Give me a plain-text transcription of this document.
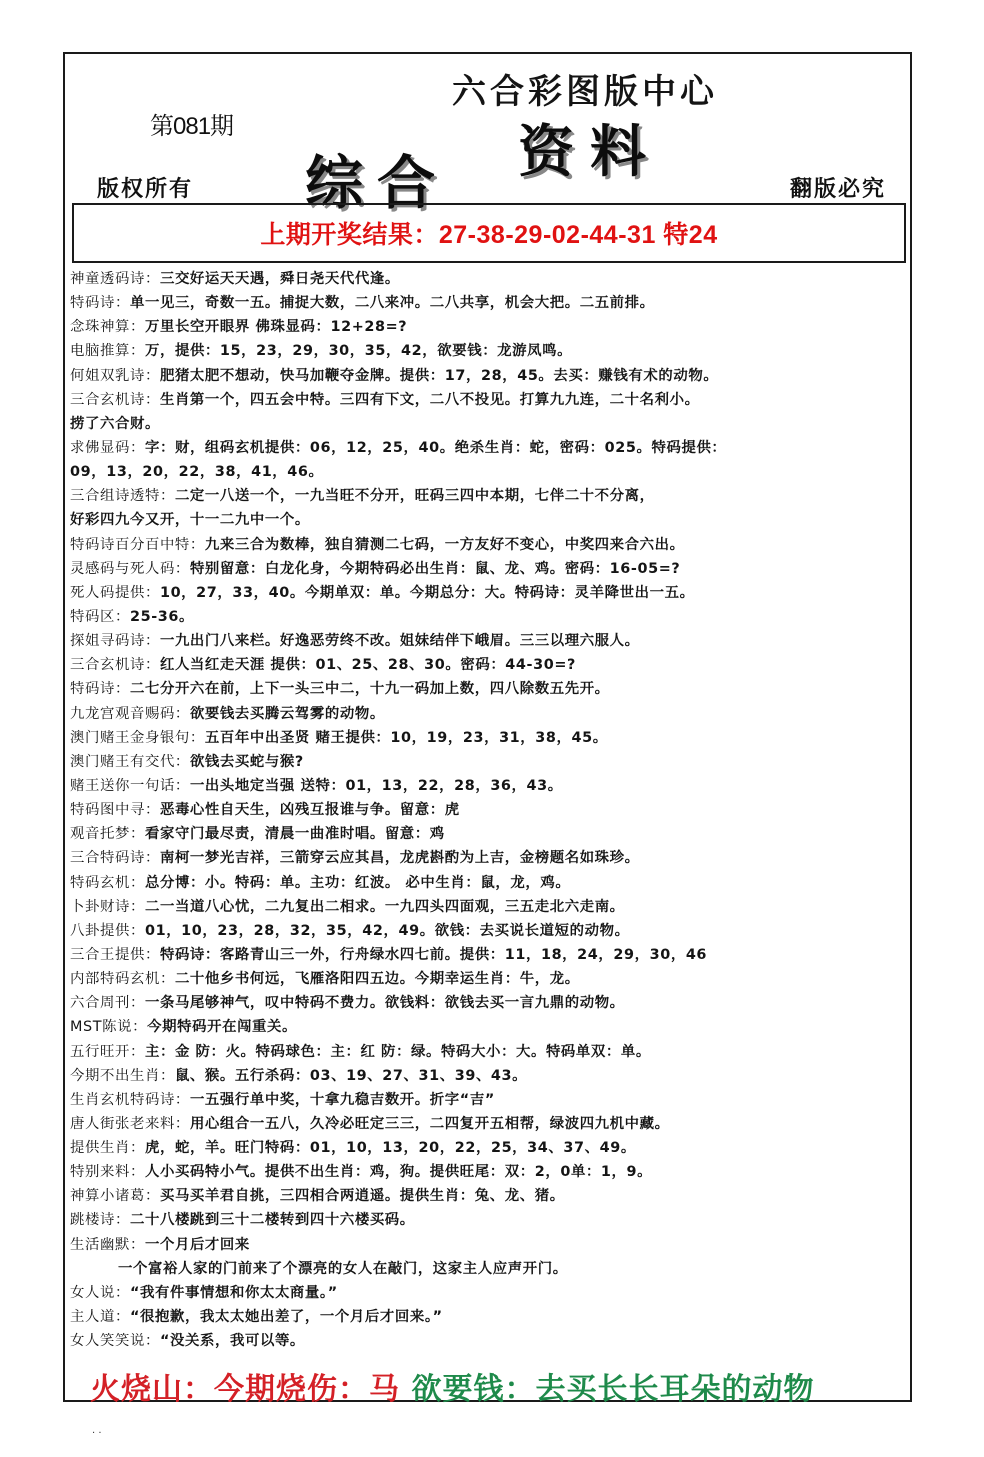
六合彩图版中心
第081期
综合 资料
版权所有	翻版必究
上期开奖结果：27-38-29-02-44-31 特24
神童透码诗：三交好运天天遇，舜日尧天代代逢。
特码诗：单一见三，奇数一五。捕捉大数，二八来冲。二八共享，机会大把。二五前排。
念珠神算：万里长空开眼界 佛珠显码：12+28=?
电脑推算：万，提供：15，23，29，30，35，42，欲要钱：龙游凤鸣。
何姐双乳诗：肥猪太肥不想动，快马加鞭夺金牌。提供：17，28，45。去买：赚钱有术的动物。
三合玄机诗：生肖第一个，四五会中特。三四有下文，二八不投见。打算九九连，二十名利小。
捞了六合财。
求佛显码：字：财，组码玄机提供：06，12，25，40。绝杀生肖：蛇，密码：025。特码提供：
09，13，20，22，38，41，46。
三合组诗透特：二定一八送一个，一九当旺不分开，旺码三四中本期，七伴二十不分离，
好彩四九今又开，十一二九中一个。
特码诗百分百中特：九来三合为数棒，独自猜测二七码，一方友好不变心，中奖四来合六出。
灵感码与死人码：特别留意：白龙化身，今期特码必出生肖：鼠、龙、鸡。密码：16-05=?
死人码提供：10，27，33，40。今期单双：单。今期总分：大。特码诗：灵羊降世出一五。
特码区：25-36。
探姐寻码诗：一九出门八来栏。好逸恶劳终不改。姐妹结伴下峨眉。三三以理六服人。
三合玄机诗：红人当红走天涯 提供：01、25、28、30。密码：44-30=?
特码诗：二七分开六在前，上下一头三中二，十九一码加上数，四八除数五先开。
九龙宫观音赐码：欲要钱去买腾云驾雾的动物。
澳门赌王金身银句：五百年中出圣贤 赌王提供：10，19，23，31，38，45。
澳门赌王有交代：欲钱去买蛇与猴?
赌王送你一句话：一出头地定当强 送特：01，13，22，28，36，43。
特码图中寻：恶毒心性自天生，凶残互报谁与争。留意：虎
观音托梦：看家守门最尽责，清晨一曲准时唱。留意：鸡
三合特码诗：南柯一梦光吉祥，三箭穿云应其昌，龙虎斟酌为上吉，金榜题名如珠珍。
特码玄机：总分博：小。特码：单。主功：红波。 必中生肖：鼠，龙，鸡。
卜卦财诗：二一当道八心忧，二九复出二相求。一九四头四面观，三五走北六走南。
八卦提供：01，10，23，28，32，35，42，49。欲钱：去买说长道短的动物。
三合王提供：特码诗：客路青山三一外，行舟绿水四七前。提供：11，18，24，29，30，46
内部特码玄机：二十他乡书何远，飞雁洛阳四五边。今期幸运生肖：牛，龙。
六合周刊：一条马尾够神气，叹中特码不费力。欲钱料：欲钱去买一言九鼎的动物。
MST陈说：今期特码开在闯重关。
五行旺开：主：金 防：火。特码球色：主：红 防：绿。特码大小：大。特码单双：单。
今期不出生肖：鼠、猴。五行杀码：03、19、27、31、39、43。
生肖玄机特码诗：一五强行单中奖，十拿九稳吉数开。折字“吉”
唐人街张老来料：用心组合一五八，久冷必旺定三三，二四复开五相帮，绿波四九机中藏。
提供生肖：虎，蛇，羊。旺门特码：01，10，13，20，22，25，34、37、49。
特别来料：人小买码特小气。提供不出生肖：鸡，狗。提供旺尾：双：2，0单：1，9。
神算小诸葛：买马买羊君自挑，三四相合两逍遥。提供生肖：兔、龙、猪。
跳楼诗：二十八楼跳到三十二楼转到四十六楼买码。
生活幽默：一个月后才回来
一个富裕人家的门前来了个漂亮的女人在敲门，这家主人应声开门。
女人说：“我有件事情想和你太太商量。”
主人道：“很抱歉，我太太她出差了，一个月后才回来。”
女人笑笑说：“没关系，我可以等。
火烧山：今期烧伤：马 欲要钱：去买长长耳朵的动物
· ·
